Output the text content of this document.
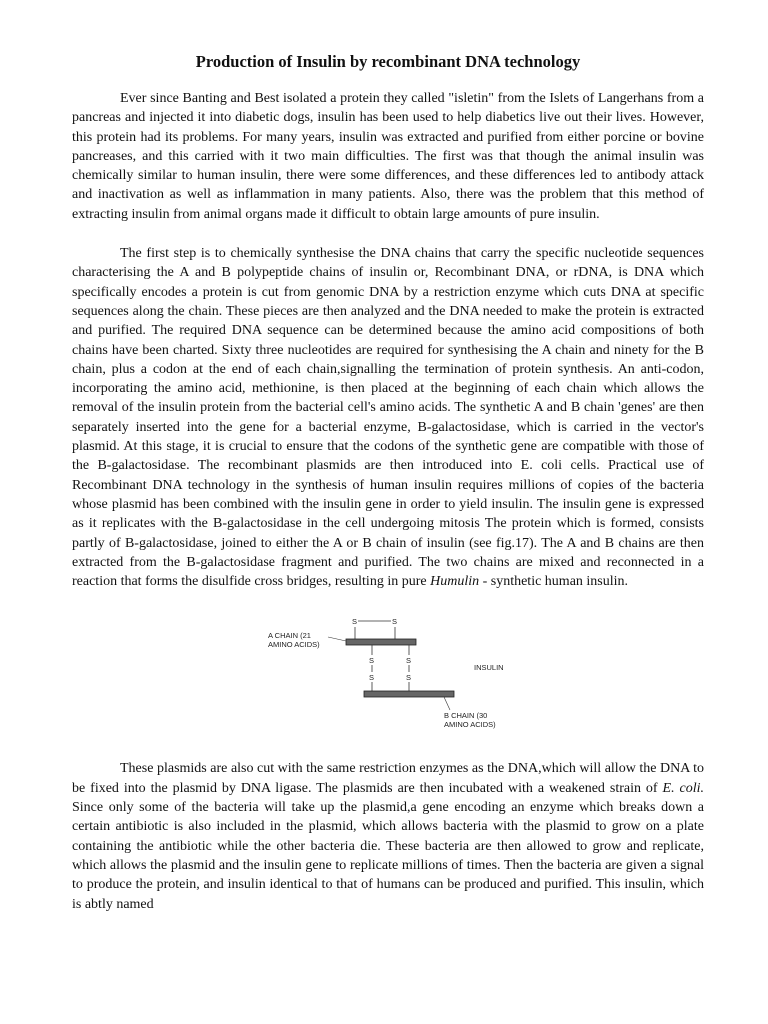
Production of Insulin by recombinant DNA technology

Ever since Banting and Best isolated a protein they called "isletin" from the Islets of Langerhans from a pancreas and injected it into diabetic dogs, insulin has been used to help diabetics live out their lives. However, this protein had its problems. For many years, insulin was extracted and purified from either porcine or bovine pancreases, and this carried with it two main difficulties. The first was that though the animal insulin was chemically similar to human insulin, there were some differences, and these differences led to antibody attack and inactivation as well as inflammation in many patients. Also, there was the problem that this method of extracting insulin from animal organs made it difficult to obtain large amounts of pure insulin.

The first step is to chemically synthesise the DNA chains that carry the specific nucleotide sequences characterising the A and B polypeptide chains of insulin or, Recombinant DNA, or rDNA, is DNA which specifically encodes a protein is cut from genomic DNA by a restriction enzyme which cuts DNA at specific sequences along the chain. These pieces are then analyzed and the DNA needed to make the protein is extracted and purified. The required DNA sequence can be determined because the amino acid compositions of both chains have been charted. Sixty three nucleotides are required for synthesising the A chain and ninety for the B chain, plus a codon at the end of each chain,signalling the termination of protein synthesis. An anti-codon, incorporating the amino acid, methionine, is then placed at the beginning of each chain which allows the removal of the insulin protein from the bacterial cell's amino acids. The synthetic A and B chain 'genes' are then separately inserted into the gene for a bacterial enzyme, B-galactosidase, which is carried in the vector's plasmid. At this stage, it is crucial to ensure that the codons of the synthetic gene are compatible with those of the B-galactosidase. The recombinant plasmids are then introduced into E. coli cells. Practical use of Recombinant DNA technology in the synthesis of human insulin requires millions of copies of the bacteria whose plasmid has been combined with the insulin gene in order to yield insulin. The insulin gene is expressed as it replicates with the B-galactosidase in the cell undergoing mitosis The protein which is formed, consists partly of B-galactosidase, joined to either the A or B chain of insulin (see fig.17). The A and B chains are then extracted from the B-galactosidase fragment and purified. The two chains are mixed and reconnected in a reaction that forms the disulfide cross bridges, resulting in pure Humulin - synthetic human insulin.

S	S
A CHAIN (21
AMINO ACIDS)
S
S
S
S
INSULIN
B CHAIN (30
AMINO ACIDS)

These plasmids are also cut with the same restriction enzymes as the DNA,which will allow the DNA to be fixed into the plasmid by DNA ligase. The plasmids are then incubated with a weakened strain of E. coli. Since only some of the bacteria will take up the plasmid,a gene encoding an enzyme which breaks down a certain antibiotic is also included in the plasmid, which allows bacteria with the plasmid to grow on a plate containing the antibiotic while the other bacteria die. These bacteria are then allowed to grow and replicate, which allows the plasmid and the insulin gene to replicate millions of times. Then the bacteria are given a signal to produce the protein, and insulin identical to that of humans can be produced and purified. This insulin, which is abtly named
